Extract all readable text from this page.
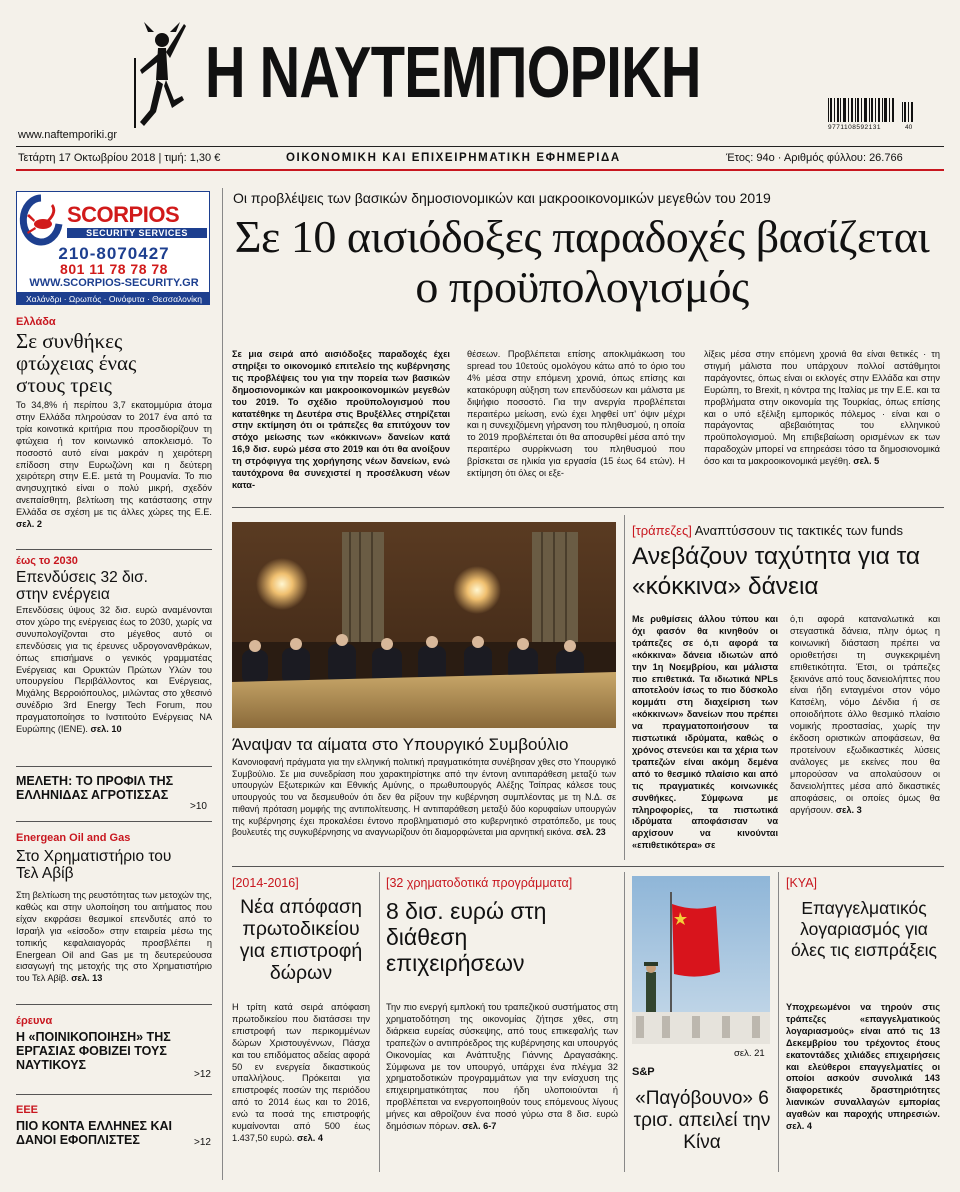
Η ΝΑΥΤΕΜΠΟΡΙΚΗ
www.naftemporiki.gr
9771108592131	40
Τετάρτη 17 Οκτωβρίου 2018 | τιμή: 1,30 €	ΟΙΚΟΝΟΜΙΚΗ ΚΑΙ ΕΠΙΧΕΙΡΗΜΑΤΙΚΗ ΕΦΗΜΕΡΙΔΑ	Έτος: 94ο · Αριθμός φύλλου: 26.766
SCORPIOS
SECURITY SERVICES
210-8070427
801 11 78 78 78
WWW.SCORPIOS-SECURITY.GR
Χαλάνδρι · Ωρωπός · Οινόφυτα · Θεσσαλονίκη
Ελλάδα
Σε συνθήκες φτώχειας ένας στους τρεις
Το 34,8% ή περίπου 3,7 εκατομμύρια άτομα στην Ελλάδα πληρούσαν το 2017 ένα από τα τρία κοινοτικά κριτήρια που προσδιορίζουν τη φτώχεια ή τον κοινωνικό αποκλεισμό. Το ποσοστό αυτό είναι μακράν η χειρότερη επίδοση στην Ευρωζώνη και η δεύτερη χειρότερη στην Ε.Ε. μετά τη Ρουμανία. Το πιο ανησυχητικό είναι ο πολύ μικρή, σχεδόν ανεπαίσθητη, βελτίωση της κατάστασης στην Ελλάδα σε σχέση με τις άλλες χώρες της Ε.Ε. σελ. 2
έως το 2030
Επενδύσεις 32 δισ. στην ενέργεια
Επενδύσεις ύψους 32 δισ. ευρώ αναμένονται στον χώρο της ενέργειας έως το 2030, χωρίς να συνυπολογίζονται στο μέγεθος αυτό οι επενδύσεις για τις έρευνες υδρογονανθράκων, όπως επισήμανε ο γενικός γραμματέας Ενέργειας και Ορυκτών Πρώτων Υλών του υπουργείου Περιβάλλοντος και Ενέργειας, Μιχάλης Βερροιόπουλος, μιλώντας στο χθεσινό συνέδριο 3rd Energy Tech Forum, που πραγματοποίησε το Ινστιτούτο Ενέργειας ΝΑ Ευρώπης (ΙΕΝΕ). σελ. 10
ΜΕΛΕΤΗ: ΤΟ ΠΡΟΦΙΛ ΤΗΣ ΕΛΛΗΝΙΔΑΣ ΑΓΡΟΤΙΣΣΑΣ
>10
Energean Oil and Gas
Στο Χρηματιστήριο του Τελ Αβίβ
Στη βελτίωση της ρευστότητας των μετοχών της, καθώς και στην υλοποίηση του αιτήματος που είχαν εκφράσει θεσμικοί επενδυτές από το Ισραήλ για «είσοδο» στην εταιρεία μέσω της τοπικής κεφαλαιαγοράς προσβλέπει η Energean Oil and Gas με τη δευτερεύουσα εισαγωγή της μετοχής της στο Χρηματιστήριο του Τελ Αβίβ. σελ. 13
έρευνα
Η «ΠΟΙΝΙΚΟΠΟΙΗΣΗ» ΤΗΣ ΕΡΓΑΣΙΑΣ ΦΟΒΙΖΕΙ ΤΟΥΣ ΝΑΥΤΙΚΟΥΣ
>12
ΕΕΕ
ΠΙΟ ΚΟΝΤΑ ΕΛΛΗΝΕΣ ΚΑΙ ΔΑΝΟΙ ΕΦΟΠΛΙΣΤΕΣ	>12
Οι προβλέψεις των βασικών δημοσιονομικών και μακροοικονομικών μεγεθών του 2019
Σε 10 αισιόδοξες παραδοχές βασίζεται ο προϋπολογισμός
Σε μια σειρά από αισιόδοξες παραδοχές έχει στηρίξει το οικονομικό επιτελείο της κυβέρνησης τις προβλέψεις του για την πορεία των βασικών δημοσιονομικών και μακροοικονομικών μεγεθών του 2019. Το σχέδιο προϋπολογισμού που κατατέθηκε τη Δευτέρα στις Βρυξέλλες στηρίζεται στην εκτίμηση ότι οι τράπεζες θα επιτύχουν τον στόχο μείωσης των «κόκκινων» δανείων κατά 16,9 δισ. ευρώ μέσα στο 2019 και ότι θα ανοίξουν τη στρόφιγγα της χορήγησης νέων δανείων, ενώ ταυτόχρονα θα συνεχιστεί η προσέλκυση νέων κατα-
θέσεων. Προβλέπεται επίσης αποκλιμάκωση του spread του 10ετούς ομολόγου κάτω από το όριο του 4% μέσα στην επόμενη χρονιά, όπως επίσης και κατακόρυφη αύξηση των επενδύσεων και μάλιστα με διψήφιο ποσοστό. Για την ανεργία προβλέπεται περαιτέρω μείωση, ενώ έχει ληφθεί υπ' όψιν μέχρι και η συνεχιζόμενη γήρανση του πληθυσμού, η οποία το 2019 προβλέπεται ότι θα αποσυρθεί μέσα από την περαιτέρω συρρίκνωση του πληθυσμού που βρίσκεται σε ηλικία για εργασία (15 έως 64 ετών). Η εκτίμηση ότι όλες οι εξε-
λίξεις μέσα στην επόμενη χρονιά θα είναι θετικές · τη στιγμή μάλιστα που υπάρχουν πολλοί αστάθμητοι παράγοντες, όπως είναι οι εκλογές στην Ελλάδα και στην Ευρώπη, το Brexit, η κόντρα της Ιταλίας με την Ε.Ε. και τα προβλήματα στην οικονομία της Τουρκίας, όπως επίσης και ο υπό εξέλιξη εμπορικός πόλεμος · είναι και ο παράγοντας αβεβαιότητας του ελληνικού προϋπολογισμού. Μη επιβεβαίωση ορισμένων εκ των παραδοχών μπορεί να επηρεάσει τόσο τα δημοσιονομικά όσο και τα μακροοικονομικά μεγέθη. σελ. 5
Άναψαν τα αίματα στο Υπουργικό Συμβούλιο
Κανονιοφανή πράγματα για την ελληνική πολιτική πραγματικότητα συνέβησαν χθες στο Υπουργικό Συμβούλιο. Σε μια συνεδρίαση που χαρακτηρίστηκε από την έντονη αντιπαράθεση μεταξύ των υπουργών Εξωτερικών και Εθνικής Αμύνης, ο πρωθυπουργός Αλέξης Τσίπρας κάλεσε τους υπουργούς του να δεσμευθούν ότι δεν θα ρίξουν την κυβέρνηση συμπλέοντας με τη Ν.Δ. σε πιθανή πρόταση μομφής της αντιπολίτευσης. Η αντιπαράθεση μεταξύ δύο κορυφαίων υπουργών της κυβέρνησης έχει προκαλέσει έντονο προβληματισμό στο κυβερνητικό στρατόπεδο, με τους βουλευτές της συγκυβέρνησης να αναγνωρίζουν ότι διαμορφώνεται μια αρνητική εικόνα. σελ. 23
[τράπεζες] Αναπτύσσουν τις τακτικές των funds
Ανεβάζουν ταχύτητα για τα «κόκκινα» δάνεια
Με ρυθμίσεις άλλου τύπου και όχι φασόν θα κινηθούν οι τράπεζες σε ό,τι αφορά τα «κόκκινα» δάνεια ιδιωτών από την 1η Νοεμβρίου, και μάλιστα πιο επιθετικά. Τα ιδιωτικά NPLs αποτελούν ίσως το πιο δύσκολο κομμάτι στη διαχείριση των «κόκκινων» δανείων που πρέπει να πραγματοποιήσουν τα πιστωτικά ιδρύματα, καθώς ο χρόνος στενεύει και τα χέρια των τραπεζών είναι ακόμη δεμένα από το θεσμικό πλαίσιο και από τις πραγματικές κοινωνικές συνθήκες. Σύμφωνα με πληροφορίες, τα πιστωτικά ιδρύματα αποφάσισαν να αρχίσουν να κινούνται «επιθετικότερα» σε
ό,τι αφορά καταναλωτικά και στεγαστικά δάνεια, πλην όμως η κοινωνική διάσταση πρέπει να οριοθετήσει τη συγκεκριμένη επιθετικότητα. Έτσι, οι τράπεζες ξεκινάνε από τους δανειολήπτες που είναι ήδη ενταγμένοι στον νόμο Κατσέλη, νόμο Δένδια ή σε οποιοδήποτε άλλο θεσμικό πλαίσιο νομικής προστασίας, χωρίς την έκδοση οριστικών αποφάσεων, θα προτείνουν εξωδικαστικές λύσεις ανάλογες με εκείνες που θα μπορούσαν να απολαύσουν οι δανειολήπτες μέσα από δικαστικές αποφάσεις, οι οποίες όμως θα αργήσουν. σελ. 3
[2014-2016]
Νέα απόφαση πρωτοδικείου για επιστροφή δώρων
Η τρίτη κατά σειρά απόφαση πρωτοδικείου που διατάσσει την επιστροφή των περικομμένων δώρων Χριστουγέννων, Πάσχα και του επιδόματος αδείας αφορά 50 εν ενεργεία δικαστικούς υπαλλήλους. Πρόκειται για επιστροφές ποσών της περιόδου από το 2014 έως και το 2016, ενώ τα ποσά της επιστροφής κυμαίνονται από 500 έως 1.437,50 ευρώ. σελ. 4
[32 χρηματοδοτικά προγράμματα]
8 δισ. ευρώ στη διάθεση επιχειρήσεων
Την πιο ενεργή εμπλοκή του τραπεζικού συστήματος στη χρηματοδότηση της οικονομίας ζήτησε χθες, στη διάρκεια ευρείας σύσκεψης, από τους επικεφαλής των τραπεζών ο αντιπρόεδρος της κυβέρνησης και υπουργός Οικονομίας και Ανάπτυξης Γιάννης Δραγασάκης. Σύμφωνα με τον υπουργό, υπάρχει ένα πλέγμα 32 χρηματοδοτικών προγραμμάτων για την ενίσχυση της επιχειρηματικότητας που ήδη υλοποιούνται ή προβλέπεται να ενεργοποιηθούν τους επόμενους λίγους μήνες και αθροίζουν ένα ποσό γύρω στα 8 δισ. ευρώ δημόσιων πόρων. σελ. 6-7
σελ. 21
S&P
«Παγόβουνο» 6 τρισ. απειλεί την Κίνα
[ΚΥΑ]
Επαγγελματικός λογαριασμός για όλες τις εισπράξεις
Υποχρεωμένοι να τηρούν στις τράπεζες «επαγγελματικούς λογαριασμούς» είναι από τις 13 Δεκεμβρίου του τρέχοντος έτους εκατοντάδες χιλιάδες επιχειρήσεις και ελεύθεροι επαγγελματίες οι οποίοι ασκούν συνολικά 143 διαφορετικές δραστηριότητες λιανικών συναλλαγών εμπορίας αγαθών και παροχής υπηρεσιών. σελ. 4
